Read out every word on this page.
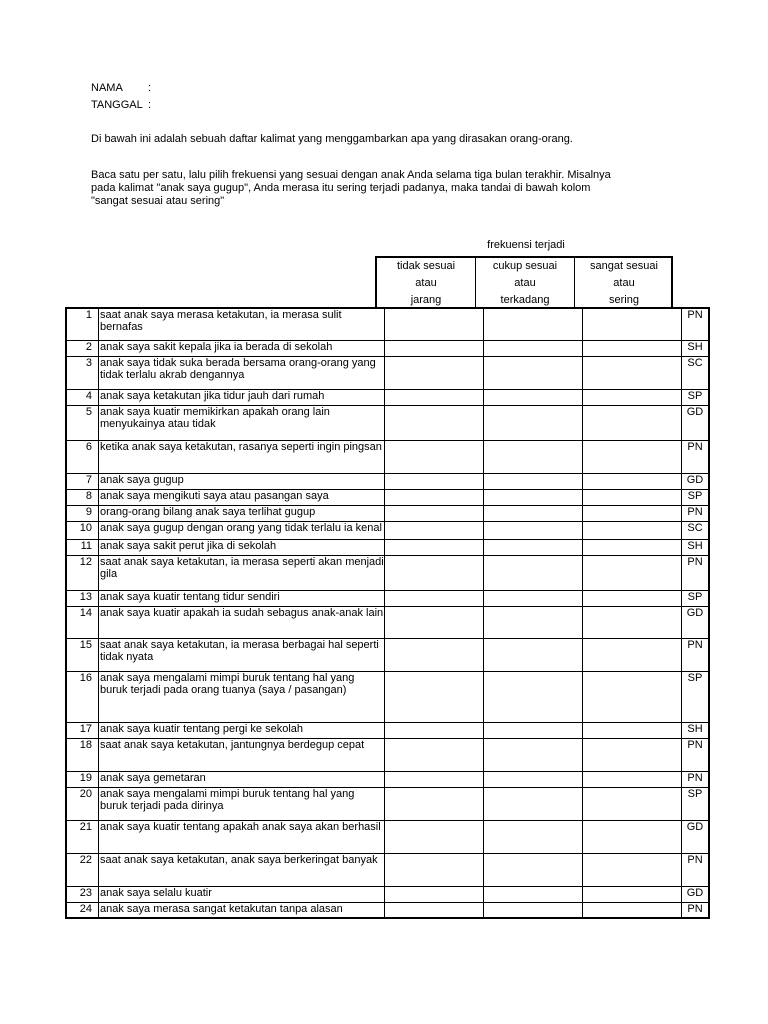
NAMA :
TANGGAL :
Di bawah ini adalah sebuah daftar kalimat yang menggambarkan apa yang dirasakan orang-orang.
Baca satu per satu, lalu pilih frekuensi yang sesuai dengan anak Anda selama tiga bulan terakhir. Misalnya
pada kalimat "anak saya gugup", Anda merasa itu sering terjadi padanya, maka tandai di bawah kolom
"sangat sesuai atau sering"
frekuensi terjadi
tidak sesuai
atau
jarang
cukup sesuai
atau
terkadang
sangat sesuai
atau
sering
1	saat anak saya merasa ketakutan, ia merasa sulit bernafas				PN
2	anak saya sakit kepala jika ia berada di sekolah				SH
3	anak saya tidak suka berada bersama orang-orang yang tidak terlalu akrab dengannya				SC
4	anak saya ketakutan jika tidur jauh dari rumah				SP
5	anak saya kuatir memikirkan apakah orang lain menyukainya atau tidak				GD
6	ketika anak saya ketakutan, rasanya seperti ingin pingsan				PN
7	anak saya gugup				GD
8	anak saya mengikuti saya atau pasangan saya				SP
9	orang-orang bilang anak saya terlihat gugup				PN
10	anak saya gugup dengan orang yang tidak terlalu ia kenal				SC
11	anak saya sakit perut jika di sekolah				SH
12	saat anak saya ketakutan, ia merasa seperti akan menjadi gila				PN
13	anak saya kuatir tentang tidur sendiri				SP
14	anak saya kuatir apakah ia sudah sebagus anak-anak lain				GD
15	saat anak saya ketakutan, ia merasa berbagai hal seperti tidak nyata				PN
16	anak saya mengalami mimpi buruk tentang hal yang buruk terjadi pada orang tuanya (saya / pasangan)				SP
17	anak saya kuatir tentang pergi ke sekolah				SH
18	saat anak saya ketakutan, jantungnya berdegup cepat				PN
19	anak saya gemetaran				PN
20	anak saya mengalami mimpi buruk tentang hal yang buruk terjadi pada dirinya				SP
21	anak saya kuatir tentang apakah anak saya akan berhasil				GD
22	saat anak saya ketakutan, anak saya berkeringat banyak				PN
23	anak saya selalu kuatir				GD
24	anak saya merasa sangat ketakutan tanpa alasan				PN
